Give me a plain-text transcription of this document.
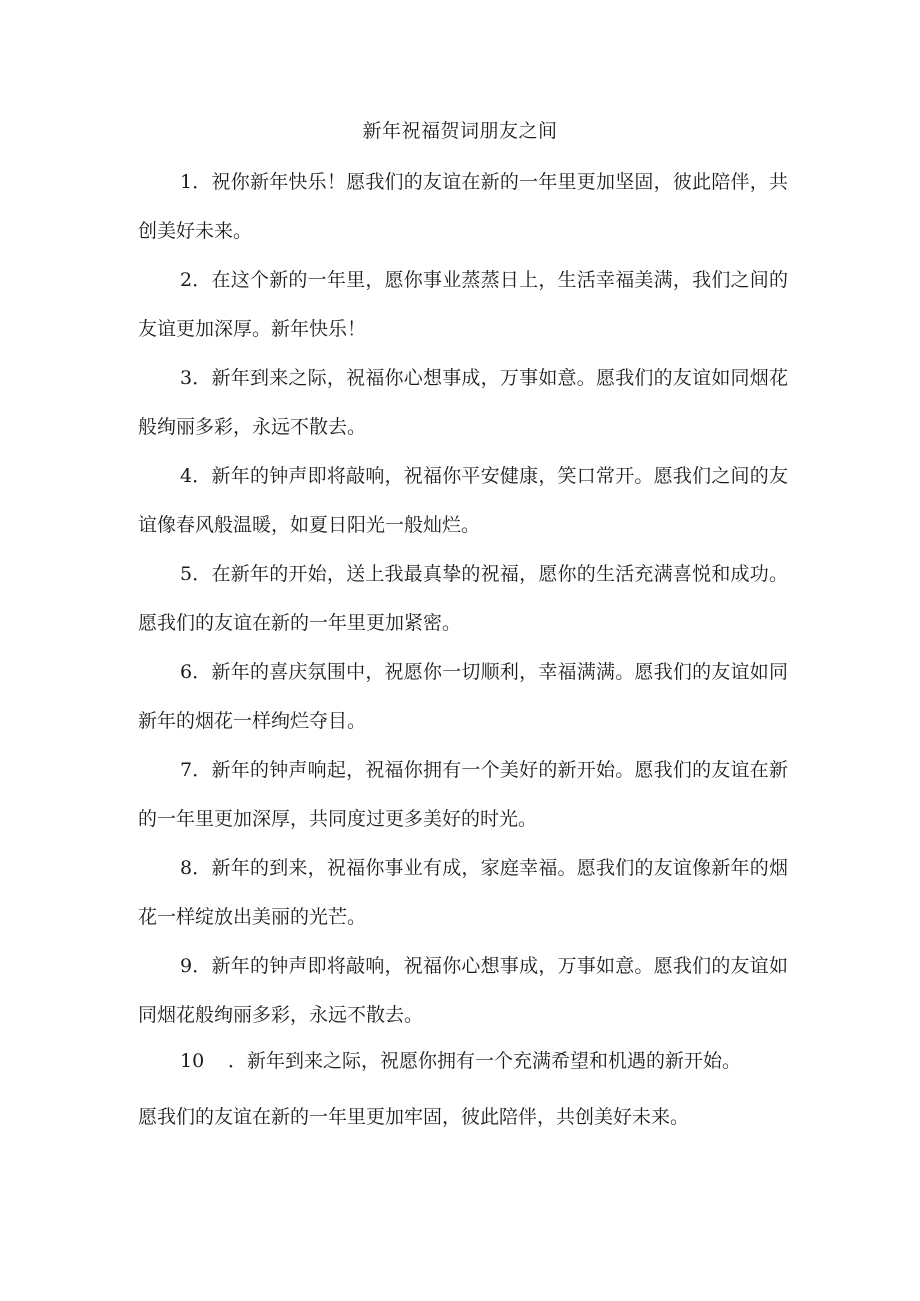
新年祝福贺词朋友之间

1．祝你新年快乐！愿我们的友谊在新的一年里更加坚固，彼此陪伴，共创美好未来。

2．在这个新的一年里，愿你事业蒸蒸日上，生活幸福美满，我们之间的友谊更加深厚。新年快乐！

3．新年到来之际，祝福你心想事成，万事如意。愿我们的友谊如同烟花般绚丽多彩，永远不散去。

4．新年的钟声即将敲响，祝福你平安健康，笑口常开。愿我们之间的友谊像春风般温暖，如夏日阳光一般灿烂。

5．在新年的开始，送上我最真挚的祝福，愿你的生活充满喜悦和成功。愿我们的友谊在新的一年里更加紧密。

6．新年的喜庆氛围中，祝愿你一切顺利，幸福满满。愿我们的友谊如同新年的烟花一样绚烂夺目。

7．新年的钟声响起，祝福你拥有一个美好的新开始。愿我们的友谊在新的一年里更加深厚，共同度过更多美好的时光。

8．新年的到来，祝福你事业有成，家庭幸福。愿我们的友谊像新年的烟花一样绽放出美丽的光芒。

9．新年的钟声即将敲响，祝福你心想事成，万事如意。愿我们的友谊如同烟花般绚丽多彩，永远不散去。

10 ．新年到来之际，祝愿你拥有一个充满希望和机遇的新开始。
愿我们的友谊在新的一年里更加牢固，彼此陪伴，共创美好未来。
